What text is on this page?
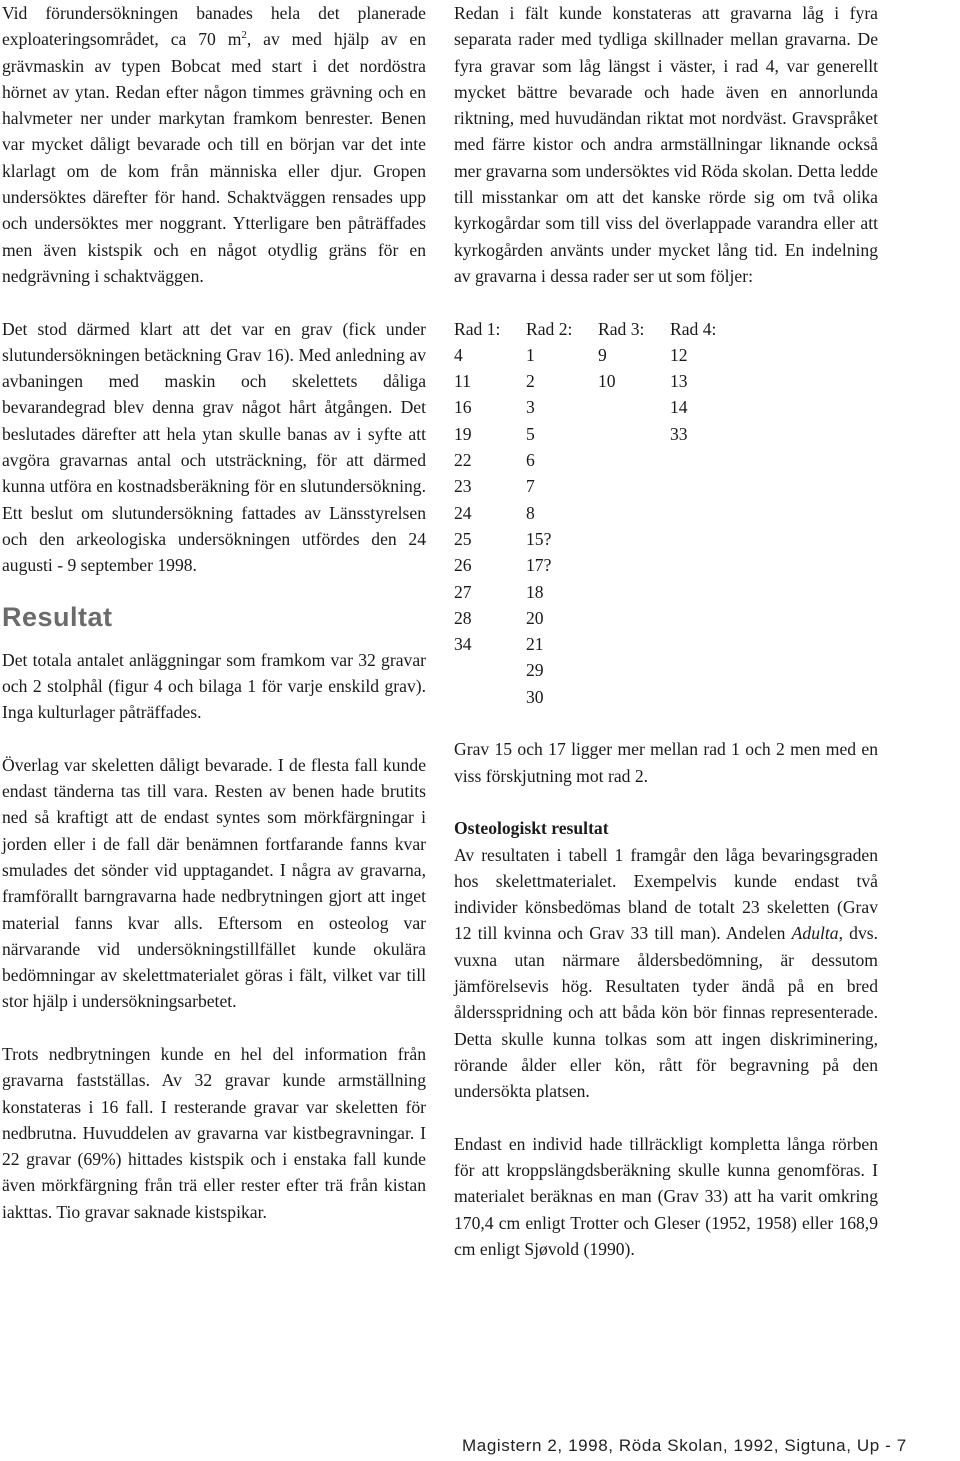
Vid förundersökningen banades hela det planerade exploateringsområdet, ca 70 $m^2$, av med hjälp av en grävmaskin av typen Bobcat med start i det nordöstra hörnet av ytan. Redan efter någon timmes grävning och en halvmeter ner under markytan framkom benrester. Benen var mycket dåligt bevarade och till en början var det inte klarlagt om de kom från människa eller djur. Gropen undersöktes därefter för hand. Schaktväggen rensades upp och undersöktes mer noggrant. Ytterligare ben påträffades men även kistspik och en något otydlig gräns för en nedgrävning i schaktväggen.

Det stod därmed klart att det var en grav (fick under slutundersökningen betäckning Grav 16). Med anledning av avbaningen med maskin och skelettets dåliga bevarandegrad blev denna grav något hårt åtgången. Det beslutades därefter att hela ytan skulle banas av i syfte att avgöra gravarnas antal och utsträckning, för att därmed kunna utföra en kostnadsberäkning för en slutundersökning. Ett beslut om slutundersökning fattades av Länsstyrelsen och den arkeologiska undersökningen utfördes den 24 augusti - 9 september 1998.

Resultat

Det totala antalet anläggningar som framkom var 32 gravar och 2 stolphål (figur 4 och bilaga 1 för varje enskild grav). Inga kulturlager påträffades.

Överlag var skeletten dåligt bevarade. I de flesta fall kunde endast tänderna tas till vara. Resten av benen hade brutits ned så kraftigt att de endast syntes som mörkfärgningar i jorden eller i de fall där benämnen fortfarande fanns kvar smulades det sönder vid upptagandet. I några av gravarna, framförallt barngravarna hade nedbrytningen gjort att inget material fanns kvar alls. Eftersom en osteolog var närvarande vid undersökningstillfället kunde okulära bedömningar av skelettmaterialet göras i fält, vilket var till stor hjälp i undersökningsarbetet.

Trots nedbrytningen kunde en hel del information från gravarna fastställas. Av 32 gravar kunde armställning konstateras i 16 fall. I resterande gravar var skeletten för nedbrutna. Huvuddelen av gravarna var kistbegravningar. I 22 gravar (69%) hittades kistspik och i enstaka fall kunde även mörkfärgning från trä eller rester efter trä från kistan iakttas. Tio gravar saknade kistspikar.

Redan i fält kunde konstateras att gravarna låg i fyra separata rader med tydliga skillnader mellan gravarna. De fyra gravar som låg längst i väster, i rad 4, var generellt mycket bättre bevarade och hade även en annorlunda riktning, med huvudändan riktat mot nordväst. Gravspråket med färre kistor och andra armställningar liknande också mer gravarna som undersöktes vid Röda skolan. Detta ledde till misstankar om att det kanske rörde sig om två olika kyrkogårdar som till viss del överlappade varandra eller att kyrkogården använts under mycket lång tid. En indelning av gravarna i dessa rader ser ut som följer:

Rad 1:	Rad 2:	Rad 3:	Rad 4:
4	1	9	12
11	2	10	13
16	3		14
19	5		33
22	6		
23	7		
24	8		
25	15?		
26	17?		
27	18		
28	20		
34	21		
	29		
	30		

Grav 15 och 17 ligger mer mellan rad 1 och 2 men med en viss förskjutning mot rad 2.

Osteologiskt resultat

Av resultaten i tabell 1 framgår den låga bevaringsgraden hos skelettmaterialet. Exempelvis kunde endast två individer könsbedömas bland de totalt 23 skeletten (Grav 12 till kvinna och Grav 33 till man). Andelen Adulta, dvs. vuxna utan närmare åldersbedömning, är dessutom jämförelsevis hög. Resultaten tyder ändå på en bred åldersspridning och att båda kön bör finnas representerade. Detta skulle kunna tolkas som att ingen diskriminering, rörande ålder eller kön, rått för begravning på den undersökta platsen.

Endast en individ hade tillräckligt kompletta långa rörben för att kroppslängdsberäkning skulle kunna genomföras. I materialet beräknas en man (Grav 33) att ha varit omkring 170,4 cm enligt Trotter och Gleser (1952, 1958) eller 168,9 cm enligt Sjøvold (1990).

Magistern 2, 1998, Röda Skolan, 1992, Sigtuna, Up - 7
